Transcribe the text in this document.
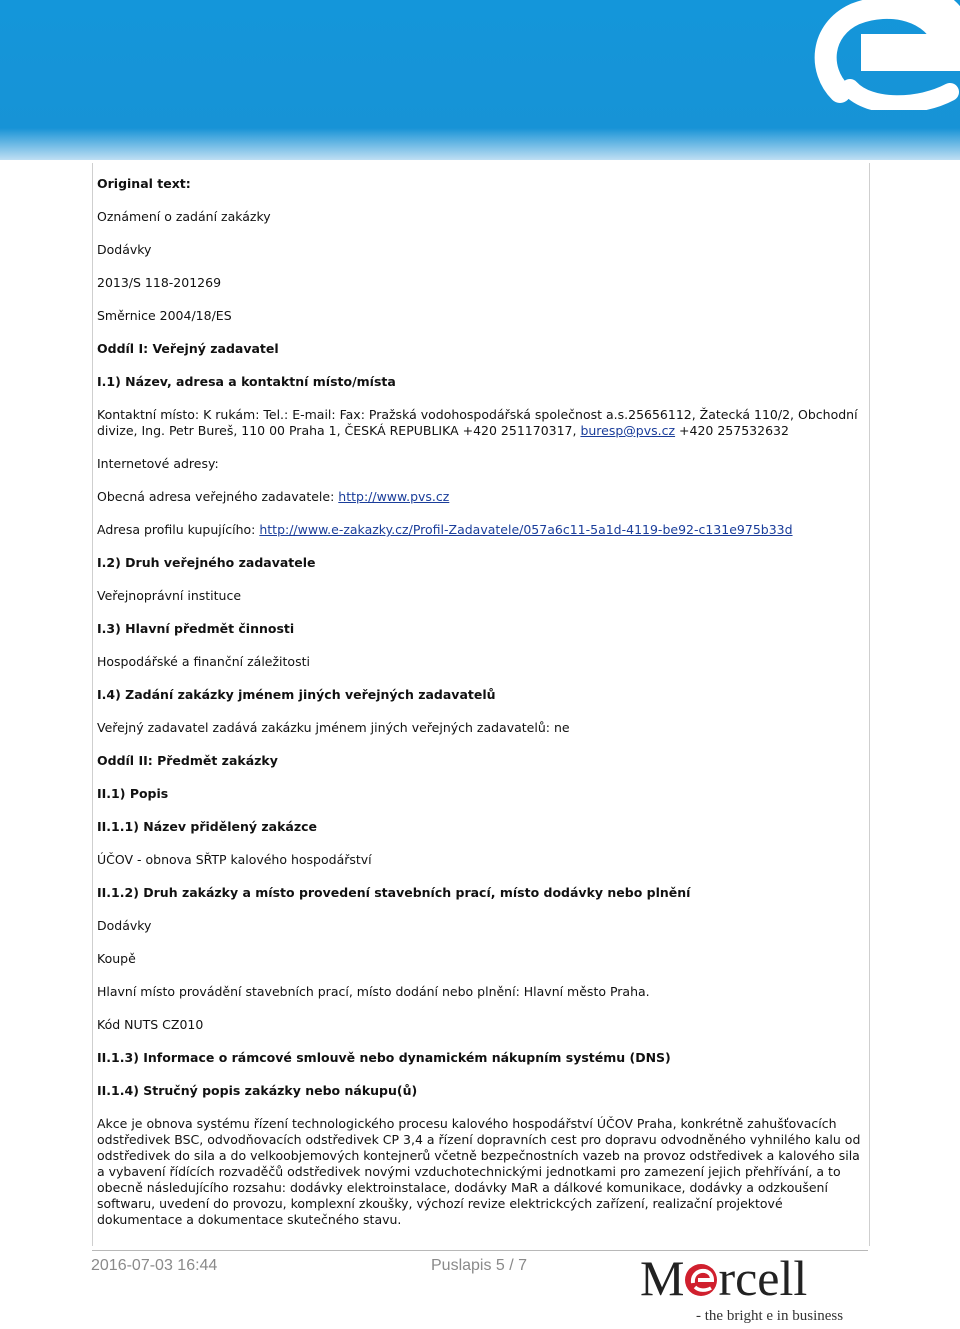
Original text:
Oznámení o zadání zakázky
Dodávky
2013/S 118-201269
Směrnice 2004/18/ES
Oddíl I: Veřejný zadavatel
I.1) Název, adresa a kontaktní místo/místa
Kontaktní místo: K rukám: Tel.: E-mail: Fax: Pražská vodohospodářská společnost a.s.25656112, Žatecká 110/2, Obchodní divize, Ing. Petr Bureš, 110 00 Praha 1, ČESKÁ REPUBLIKA +420 251170317, buresp@pvs.cz +420 257532632
Internetové adresy:
Obecná adresa veřejného zadavatele: http://www.pvs.cz
Adresa profilu kupujícího: http://www.e-zakazky.cz/Profil-Zadavatele/057a6c11-5a1d-4119-be92-c131e975b33d
I.2) Druh veřejného zadavatele
Veřejnoprávní instituce
I.3) Hlavní předmět činnosti
Hospodářské a finanční záležitosti
I.4) Zadání zakázky jménem jiných veřejných zadavatelů
Veřejný zadavatel zadává zakázku jménem jiných veřejných zadavatelů: ne
Oddíl II: Předmět zakázky
II.1) Popis
II.1.1) Název přidělený zakázce
ÚČOV - obnova SŘTP kalového hospodářství
II.1.2) Druh zakázky a místo provedení stavebních prací, místo dodávky nebo plnění
Dodávky
Koupě
Hlavní místo provádění stavebních prací, místo dodání nebo plnění: Hlavní město Praha.
Kód NUTS CZ010
II.1.3) Informace o rámcové smlouvě nebo dynamickém nákupním systému (DNS)
II.1.4) Stručný popis zakázky nebo nákupu(ů)
Akce je obnova systému řízení technologického procesu kalového hospodářství ÚČOV Praha, konkrétně zahušťovacích odstředivek BSC, odvodňovacích odstředivek CP 3,4 a řízení dopravních cest pro dopravu odvodněného vyhnilého kalu od odstředivek do sila a do velkoobjemových kontejnerů včetně bezpečnostních vazeb na provoz odstředivek a kalového sila a vybavení řídících rozvaděčů odstředivek novými vzduchotechnickými jednotkami pro zamezení jejich přehřívání, a to obecně následujícího rozsahu: dodávky elektroinstalace, dodávky MaR a dálkové komunikace, dodávky a odzkoušení softwaru, uvedení do provozu, komplexní zkoušky, výchozí revize elektrickcých zařízení, realizační projektové dokumentace a dokumentace skutečného stavu.
2016-07-03 16:44	Puslapis 5 / 7 M rcell
- the bright e in business
